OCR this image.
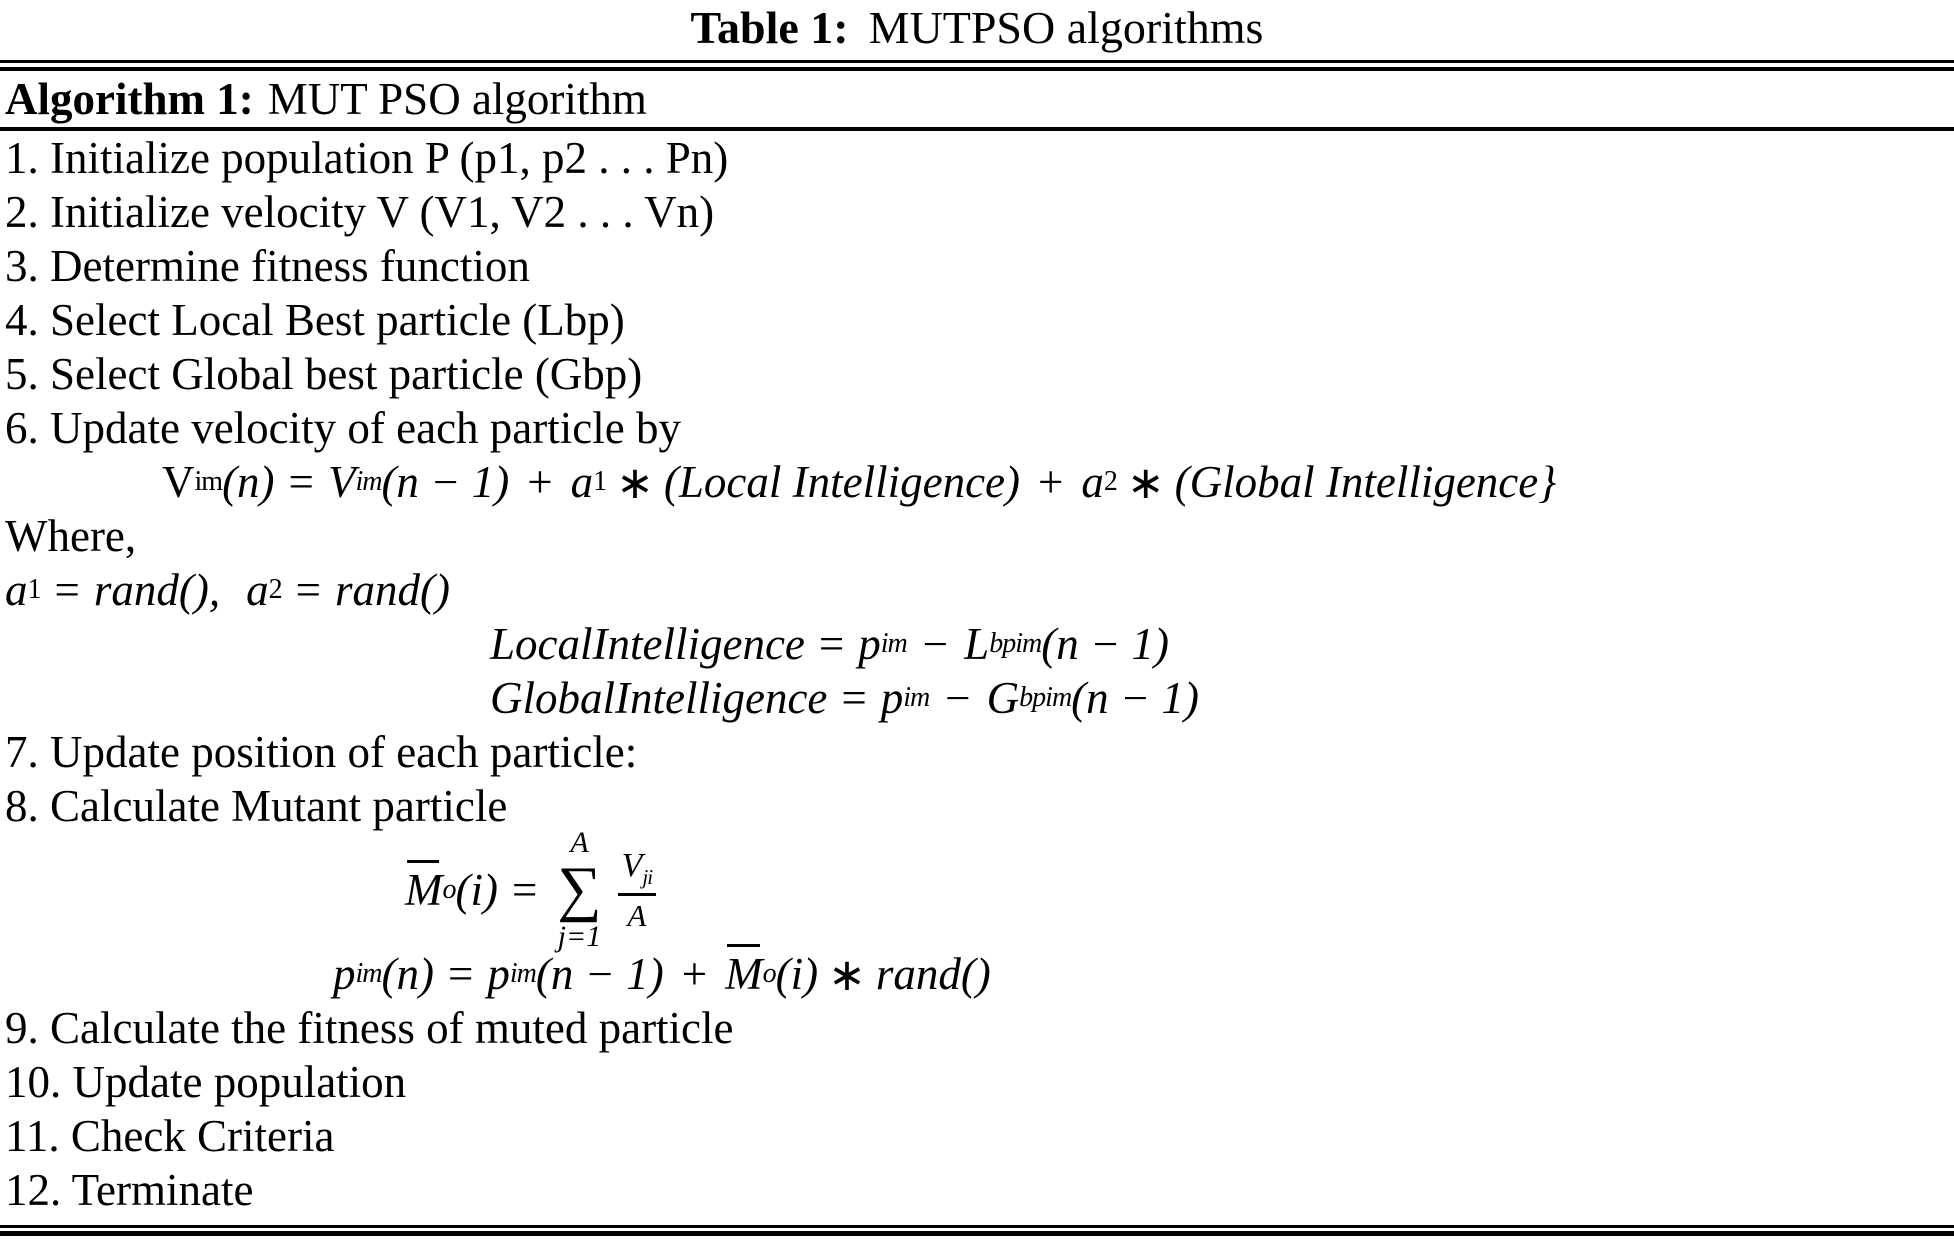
Table 1: MUTPSO algorithms
Algorithm 1: MUT PSO algorithm
1. Initialize population P (p1, p2 . . . Pn)
2. Initialize velocity V (V1, V2 . . . Vn)
3. Determine fitness function
4. Select Local Best particle (Lbp)
5. Select Global best particle (Gbp)
6. Update velocity of each particle by
V im (n) = V im (n − 1) + a 1 ∗ (Local Intelligence) + a 2 ∗ (Global Intelligence}
Where,
a 1 = rand(), a 2 = rand()
LocalIntelligence = p im − L bpim (n − 1)
GlobalIntelligence = p im − G bpim (n − 1)
7. Update position of each particle:
8. Calculate Mutant particle
M o (i) =
A
∑
j=1
$\frac{V_{ji}}{A}$
p im (n) = p im (n − 1) + M o (i) ∗ rand()
9. Calculate the fitness of muted particle
10. Update population
11. Check Criteria
12. Terminate
